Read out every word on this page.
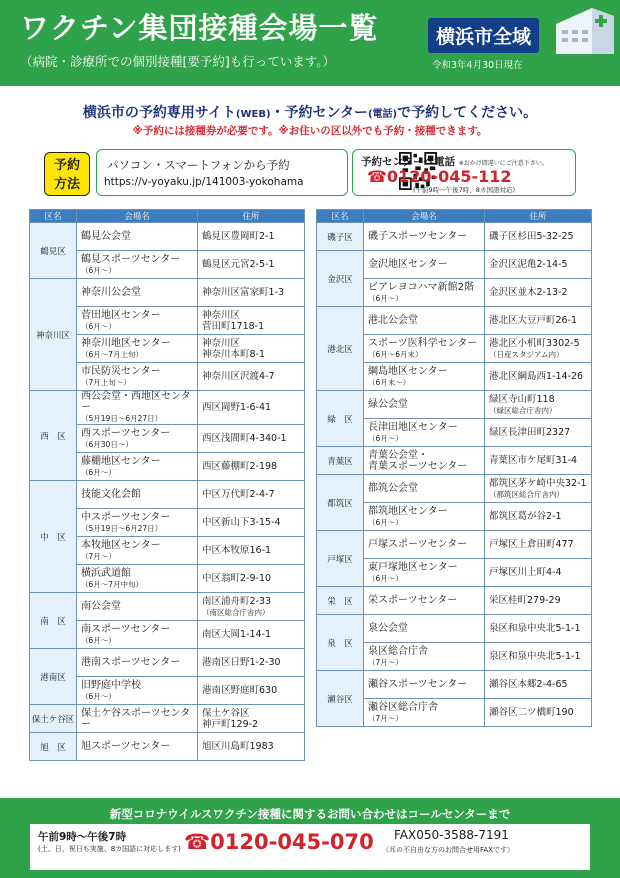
ワクチン集団接種会場一覧	横浜市全域
（病院・診療所での個別接種[要予約]も行っています。）	令和3年4月30日現在
横浜市の予約専用サイト(WEB)・予約センター(電話)で予約してください。
※予約には接種券が必要です。※お住いの区以外でも予約・接種できます。
予約
方法
パソコン・スマートフォンから予約
https://v-yoyaku.jp/141003-yokohama
予約センターへ電話 ※おかけ間違いにご注意下さい。
☎0120-045-112
(午前9時～午後7時、8カ国語対応)
区名	会場名	住所
鶴見区	鶴見公会堂	鶴見区豊岡町2-1
	鶴見スポーツセンター
（6月～）	鶴見区元宮2-5-1
神奈川区	神奈川公会堂	神奈川区富家町1-3
	菅田地区センター
（6月～）	神奈川区
菅田町1718-1
	神奈川地区センター
（6月～7月上旬）	神奈川区
神奈川本町8-1
	市民防災センター
（7月上旬～）	神奈川区沢渡4-7
西　区	西公会堂・西地区センター
（5月19日～6月27日）	西区岡野1-6-41
	西スポーツセンター
（6月30日～）	西区浅間町4-340-1
	藤棚地区センター
（6月～）	西区藤棚町2-198
中　区	技能文化会館	中区万代町2-4-7
	中スポーツセンター
（5月19日～6月27日）	中区新山下3-15-4
	本牧地区センター
（7月～）	中区本牧原16-1
	横浜武道館
（6月～7月中旬）	中区翁町2-9-10
南　区	南公会堂	南区浦舟町2-33
（南区総合庁舎内）

	南スポーツセンター
（6月～）	南区大岡1-14-1
港南区	港南スポーツセンター	港南区日野1-2-30
	旧野庭中学校
（6月～）	港南区野庭町630
保土ケ谷区	保土ケ谷スポーツセンター	保土ケ谷区
神戸町129-2
旭　区	旭スポーツセンター	旭区川島町1983
区名	会場名	住所
磯子区	磯子スポーツセンター	磯子区杉田5-32-25
金沢区	金沢地区センター	金沢区泥亀2-14-5
	ビアレヨコハマ新館2階
（6月～）	金沢区並木2-13-2
港北区	港北公会堂	港北区大豆戸町26-1
	スポーツ医科学センター
（6月～6月末）	港北区小机町3302-5
（日産スタジアム内）

	綱島地区センター
（6月末～）	港北区綱島西1-14-26
緑　区	緑公会堂	緑区寺山町118
（緑区総合庁舎内）

	長津田地区センター
（6月～）	緑区長津田町2327
青葉区	青葉公会堂・
青葉スポーツセンター	青葉区市ケ尾町31-4
都筑区	都筑公会堂	都筑区茅ケ崎中央32-1
（都筑区総合庁舎内）

	都筑地区センター
（6月～）	都筑区葛が谷2-1
戸塚区	戸塚スポーツセンター	戸塚区上倉田町477
	東戸塚地区センター
（6月～）	戸塚区川上町4-4
栄　区	栄スポーツセンター	栄区桂町279-29
泉　区	泉公会堂	泉区和泉中央北5-1-1
	泉区総合庁舎
（7月～）	泉区和泉中央北5-1-1
瀬谷区	瀬谷スポーツセンター	瀬谷区本郷2-4-65
	瀬谷区総合庁舎
（7月～）	瀬谷区二ツ橋町190
新型コロナウイルスワクチン接種に関するお問い合わせはコールセンターまで
午前9時～午後7時
(土、日、祝日も実施、8カ国語に対応します) ☎0120-045-070 FAX050-3588-7191
（耳の不自由な方のお問合せ用FAXです）
